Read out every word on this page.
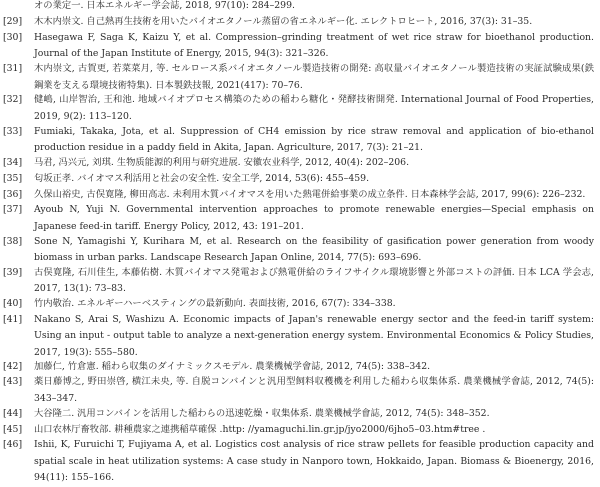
オの業定一. 日本エネルギー学会誌, 2018, 97(10): 284–299.
[29]	木木内崇文. 自己熱再生技術を用いたバイオエタノール蒸留の省エネルギー化. エレクトロヒート, 2016, 37(3): 31–35.
[30]	Hasegawa F, Saga K, Kaizu Y, et al. Compression–grinding treatment of wet rice straw for bioethanol production. Journal of the Japan Institute of Energy, 2015, 94(3): 321–326.
[31]	木内崇文, 古賀更, 若菜菜月, 等. セルロース系バイオエタノール製造技術の開発: 高収量バイオエタノール製造技術の実証試験成果(鉄鋼業を支える環境技術特集). 日本製鉄技報, 2021(417): 70–76.
[32]	健嶋, 山岸智治, 王和池. 地域バイオプロセス構築のための稲わら糖化・発酵技術開発. International Journal of Food Properties, 2019, 9(2): 113–120.
[33]	Fumiaki, Takaka, Jota, et al. Suppression of CH4 emission by rice straw removal and application of bio-ethanol production residue in a paddy field in Akita, Japan. Agriculture, 2017, 7(3): 21–21.
[34]	马君, 冯兴元, 刘琪. 生物质能源的利用与研究进展. 安徽农业科学, 2012, 40(4): 202–206.
[35]	匂坂正孝. バイオマス利活用と社会の安全性. 安全工学, 2014, 53(6): 455–459.
[36]	久保山裕史, 古俣寛隆, 柳田高志. 未利用木質バイオマスを用いた熱電併給事業の成立条件. 日本森林学会誌, 2017, 99(6): 226–232.
[37]	Ayoub N, Yuji N. Governmental intervention approaches to promote renewable energies—Special emphasis on Japanese feed-in tariff. Energy Policy, 2012, 43: 191–201.
[38]	Sone N, Yamagishi Y, Kurihara M, et al. Research on the feasibility of gasification power generation from woody biomass in urban parks. Landscape Research Japan Online, 2014, 77(5): 693–696.
[39]	古俣寛隆, 石川佳生, 本藤佑樹. 木質バイオマス発電および熱電併給のライフサイクル環境影響と外部コストの評価. 日本 LCA 学会志, 2017, 13(1): 73–83.
[40]	竹内敬治. エネルギーハーベスティングの最新動向. 表面技術, 2016, 67(7): 334–338.
[41]	Nakano S, Arai S, Washizu A. Economic impacts of Japan's renewable energy sector and the feed-in tariff system: Using an input - output table to analyze a next-generation energy system. Environmental Economics & Policy Studies, 2017, 19(3): 555–580.
[42]	加藤仁, 竹倉憲. 稲わら収集のダイナミックスモデル. 農業機械学會誌, 2012, 74(5): 338–342.
[43]	薬日藤博之, 野田崇啓, 横江未央, 等. 自脱コンバインと汎用型飼料収穫機を利用した稲わら収集体系. 農業機械学會誌, 2012, 74(5): 343–347.
[44]	大谷隆二. 汎用コンバインを活用した稲わらの迅速乾燥・収集体系. 農業機械学會誌, 2012, 74(5): 348–352.
[45]	山口农林厅畜牧部. 耕種農家之連携稲草確保 .http: //yamaguchi.lin.gr.jp/jyo2000/6jho5–03.htm#tree .
[46]	Ishii, K, Furuichi T, Fujiyama A, et al. Logistics cost analysis of rice straw pellets for feasible production capacity and spatial scale in heat utilization systems: A case study in Nanporo town, Hokkaido, Japan. Biomass & Bioenergy, 2016, 94(11): 155–166.
